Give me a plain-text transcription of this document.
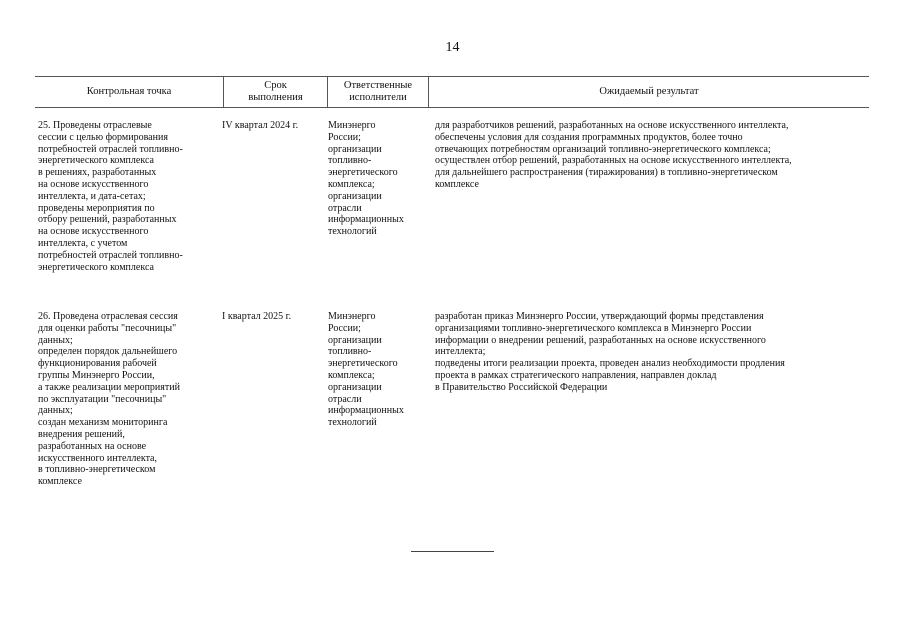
14
Контрольная точка
Срок
выполнения
Ответственные
исполнители
Ожидаемый результат
25. Проведены отраслевые
сессии с целью формирования
потребностей отраслей топливно-
энергетического комплекса
в решениях, разработанных
на основе искусственного
интеллекта, и дата-сетах;
проведены мероприятия по
отбору решений, разработанных
на основе искусственного
интеллекта, с учетом
потребностей отраслей топливно-
энергетического комплекса
IV квартал 2024 г.	Минэнерго
России;
организации
топливно-
энергетического
комплекса;
организации
отрасли
информационных
технологий
для разработчиков решений, разработанных на основе искусственного интеллекта,
обеспечены условия для создания программных продуктов, более точно
отвечающих потребностям организаций топливно-энергетического комплекса;
осуществлен отбор решений, разработанных на основе искусственного интеллекта,
для дальнейшего распространения (тиражирования) в топливно-энергетическом
комплексе
26. Проведена отраслевая сессия
для оценки работы "песочницы"
данных;
определен порядок дальнейшего
функционирования рабочей
группы Минэнерго России,
а также реализации мероприятий
по эксплуатации "песочницы"
данных;
создан механизм мониторинга
внедрения решений,
разработанных на основе
искусственного интеллекта,
в топливно-энергетическом
комплексе
I квартал 2025 г.	Минэнерго
России;
организации
топливно-
энергетического
комплекса;
организации
отрасли
информационных
технологий
разработан приказ Минэнерго России, утверждающий формы представления
организациями топливно-энергетического комплекса в Минэнерго России
информации о внедрении решений, разработанных на основе искусственного
интеллекта;
подведены итоги реализации проекта, проведен анализ необходимости продления
проекта в рамках стратегического направления, направлен доклад
в Правительство Российской Федерации
